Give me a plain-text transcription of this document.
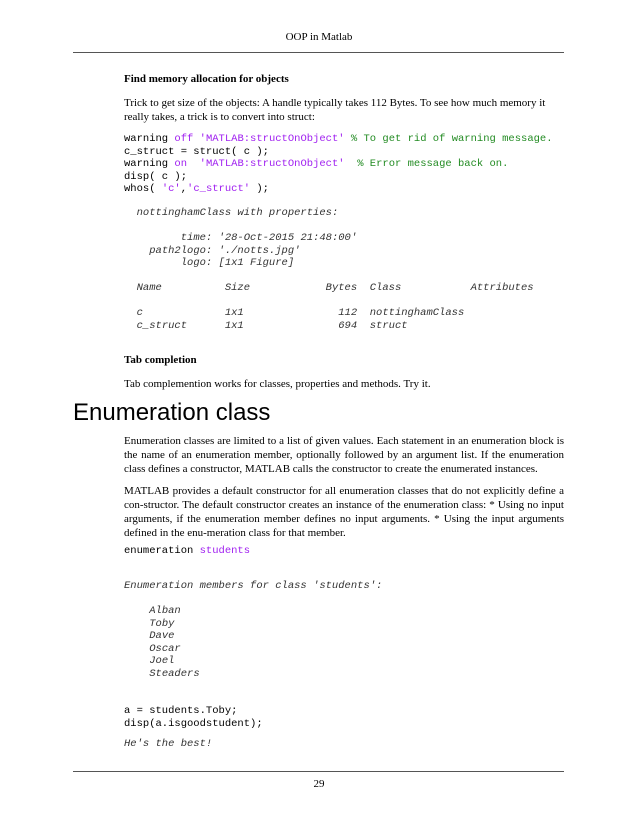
OOP in Matlab
Find memory allocation for objects
Trick to get size of the objects: A handle typically takes 112 Bytes. To see how much memory it really takes, a trick is to convert into struct:
warning off 'MATLAB:structOnObject' % To get rid of warning message.
c_struct = struct( c );
warning on 'MATLAB:structOnObject' % Error message back on.
disp( c );
whos( 'c','c_struct' );
nottinghamClass with properties:

time: '28-Oct-2015 21:48:00'
path2logo: './notts.jpg'
logo: [1x1 Figure]
Name          Size            Bytes  Class           Attributes

c             1x1               112  nottinghamClass
c_struct      1x1               694  struct
Tab completion
Tab complemention works for classes, properties and methods. Try it.
Enumeration class
Enumeration classes are limited to a list of given values. Each statement in an enumeration block is the name of an enumeration member, optionally followed by an argument list. If the enumeration class defines a constructor, MATLAB calls the constructor to create the enumerated instances.
MATLAB provides a default constructor for all enumeration classes that do not explicitly define a con-structor. The default constructor creates an instance of the enumeration class: * Using no input arguments, if the enumeration member defines no input arguments. * Using the input arguments defined in the enu-meration class for that member.
enumeration students
Enumeration members for class 'students':
Alban
Toby
Dave
Oscar
Joel
Steaders
a = students.Toby;
disp(a.isgoodstudent);
He's the best!
29
